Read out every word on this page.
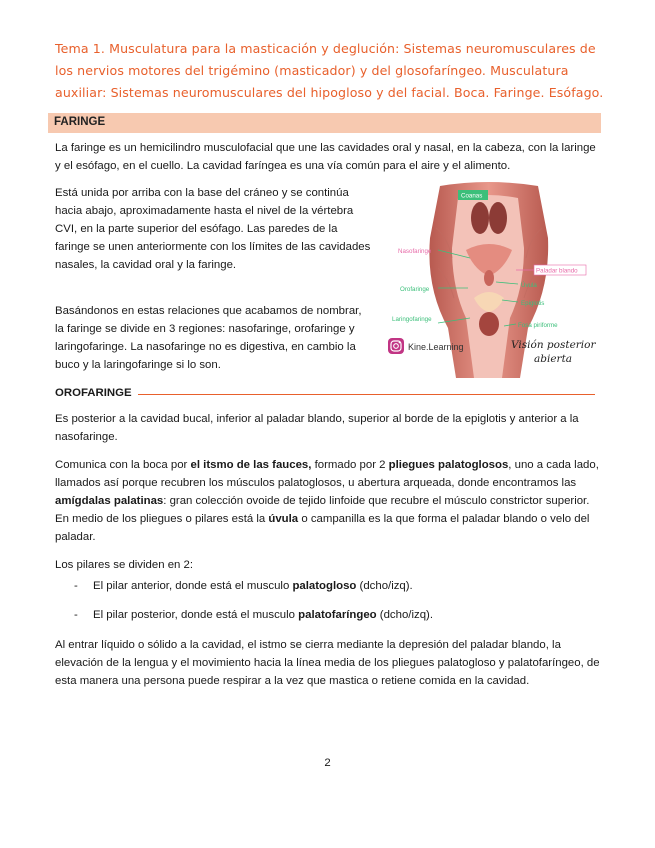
Tema 1. Musculatura para la masticación y deglución: Sistemas neuromusculares de los nervios motores del trigémino (masticador) y del glosofaríngeo. Musculatura auxiliar: Sistemas neuromusculares del hipogloso y del facial. Boca. Faringe. Esófago.
FARINGE

La faringe es un hemicilindro musculofacial que une las cavidades oral y nasal, en la cabeza, con la laringe y el esófago, en el cuello. La cavidad faríngea es una vía común para el aire y el alimento.

Está unida por arriba con la base del cráneo y se continúa hacia abajo, aproximadamente hasta el nivel de la vértebra CVI, en la parte superior del esófago. Las paredes de la faringe se unen anteriormente con los límites de las cavidades nasales, la cavidad oral y la faringe.

Basándonos en estas relaciones que acabamos de nombrar, la faringe se divide en 3 regiones: nasofaringe, orofaringe y laringofaringe. La nasofaringe no es digestiva, en cambio la buco y la laringofaringe si lo son.

Coanas
Nasofaringe
Paladar blando
Orofaringe
Úvula
Epiglotis
Laringofaringe
Fosa piriforme
Kine.Learning	Visión posterior
abierta
OROFARINGE

Es posterior a la cavidad bucal, inferior al paladar blando, superior al borde de la epiglotis y anterior a la nasofaringe.

Comunica con la boca por el itsmo de las fauces, formado por 2 pliegues palatoglosos, uno a cada lado, llamados así porque recubren los músculos palatoglosos, u abertura arqueada, donde encontramos las amígdalas palatinas: gran colección ovoide de tejido linfoide que recubre el músculo constrictor superior. En medio de los pliegues o pilares está la úvula o campanilla es la que forma el paladar blando o velo del paladar.

Los pilares se dividen en 2:

- El pilar anterior, donde está el musculo palatogloso (dcho/izq).
- El pilar posterior, donde está el musculo palatofaríngeo (dcho/izq).

Al entrar líquido o sólido a la cavidad, el istmo se cierra mediante la depresión del paladar blando, la elevación de la lengua y el movimiento hacia la línea media de los pliegues palatogloso y palatofaríngeo, de esta manera una persona puede respirar a la vez que mastica o retiene comida en la cavidad.

2
